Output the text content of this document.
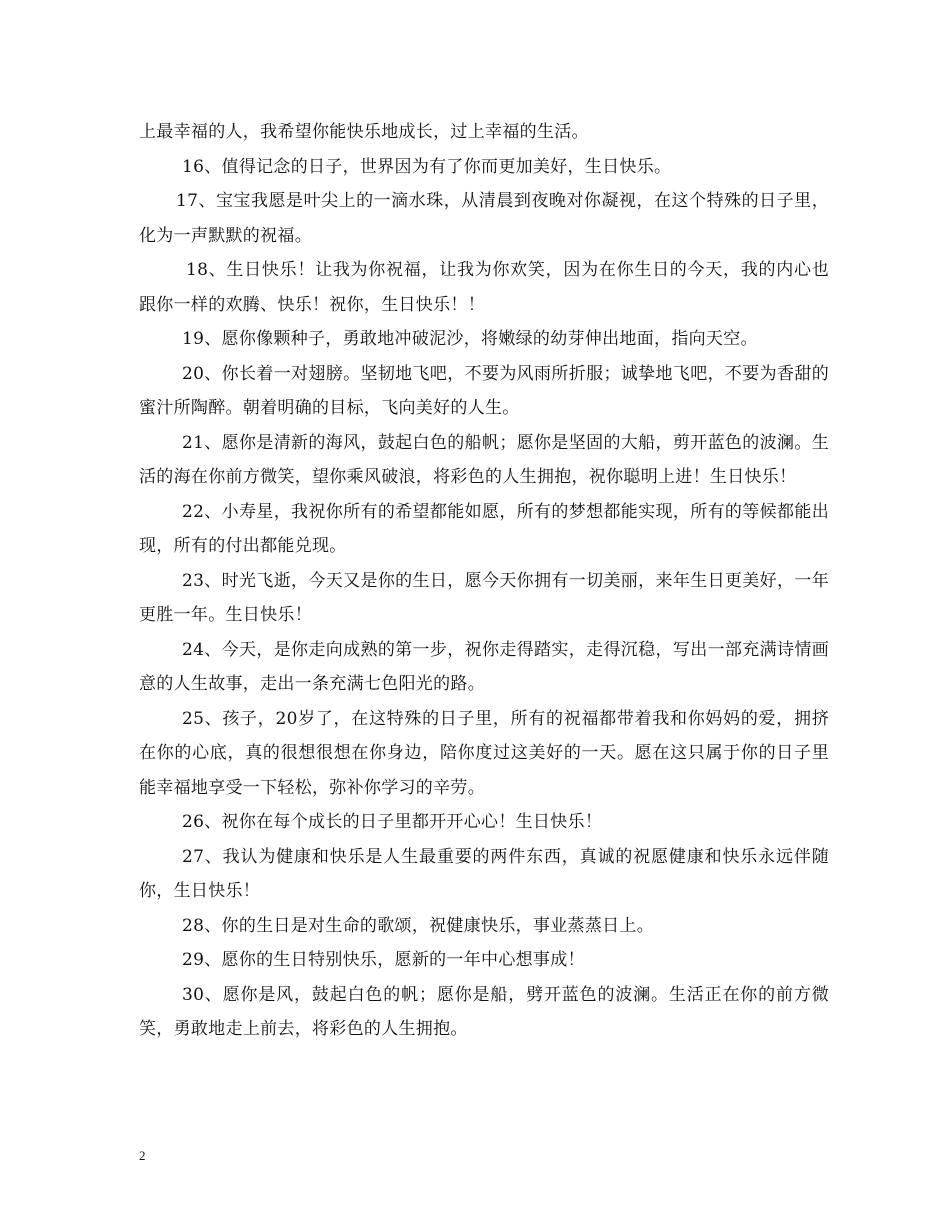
上最幸福的人，我希望你能快乐地成长，过上幸福的生活。

16、值得记念的日子，世界因为有了你而更加美好，生日快乐。

17、宝宝我愿是叶尖上的一滴水珠，从清晨到夜晚对你凝视，在这个特殊的日子里，化为一声默默的祝福。

18、生日快乐！让我为你祝福，让我为你欢笑，因为在你生日的今天，我的内心也跟你一样的欢腾、快乐！祝你，生日快乐！！

19、愿你像颗种子，勇敢地冲破泥沙，将嫩绿的幼芽伸出地面，指向天空。

20、你长着一对翅膀。坚韧地飞吧，不要为风雨所折服；诚挚地飞吧，不要为香甜的蜜汁所陶醉。朝着明确的目标，飞向美好的人生。

21、愿你是清新的海风，鼓起白色的船帆；愿你是坚固的大船，剪开蓝色的波澜。生活的海在你前方微笑，望你乘风破浪，将彩色的人生拥抱，祝你聪明上进！生日快乐！

22、小寿星，我祝你所有的希望都能如愿，所有的梦想都能实现，所有的等候都能出现，所有的付出都能兑现。

23、时光飞逝，今天又是你的生日，愿今天你拥有一切美丽，来年生日更美好，一年更胜一年。生日快乐！

24、今天，是你走向成熟的第一步，祝你走得踏实，走得沉稳，写出一部充满诗情画意的人生故事，走出一条充满七色阳光的路。

25、孩子，20岁了，在这特殊的日子里，所有的祝福都带着我和你妈妈的爱，拥挤在你的心底，真的很想很想在你身边，陪你度过这美好的一天。愿在这只属于你的日子里能幸福地享受一下轻松，弥补你学习的辛劳。

26、祝你在每个成长的日子里都开开心心！生日快乐！

27、我认为健康和快乐是人生最重要的两件东西，真诚的祝愿健康和快乐永远伴随你，生日快乐！

28、你的生日是对生命的歌颂，祝健康快乐，事业蒸蒸日上。

29、愿你的生日特别快乐，愿新的一年中心想事成！

30、愿你是风，鼓起白色的帆；愿你是船，劈开蓝色的波澜。生活正在你的前方微笑，勇敢地走上前去，将彩色的人生拥抱。

2
